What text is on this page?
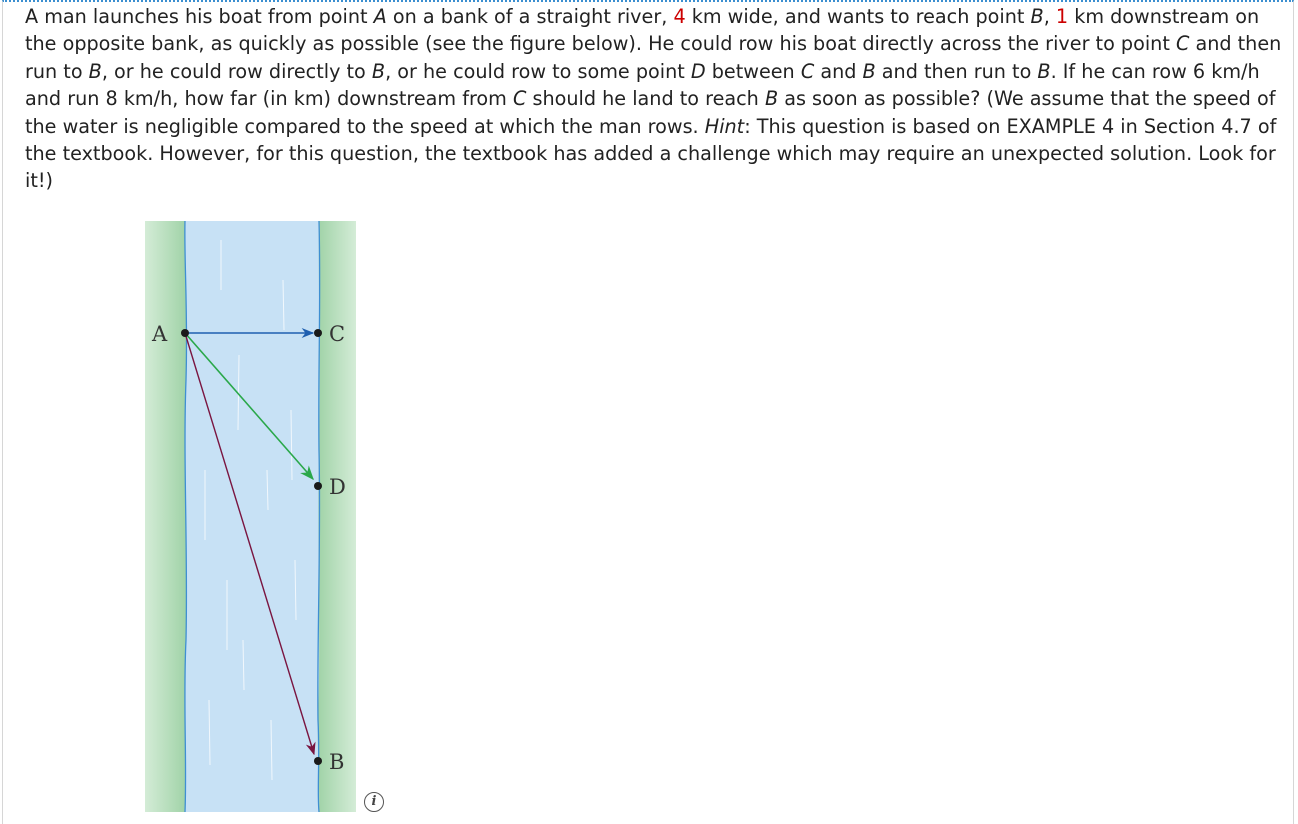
A man launches his boat from point A on a bank of a straight river, 4 km wide, and wants to reach point B, 1 km downstream on the opposite bank, as quickly as possible (see the figure below). He could row his boat directly across the river to point C and then run to B, or he could row directly to B, or he could row to some point D between C and B and then run to B. If he can row 6 km/h and run 8 km/h, how far (in km) downstream from C should he land to reach B as soon as possible? (We assume that the speed of the water is negligible compared to the speed at which the man rows. Hint: This question is based on EXAMPLE 4 in Section 4.7 of the textbook. However, for this question, the textbook has added a challenge which may require an unexpected solution. Look for it!)

A	C
D
B
i
